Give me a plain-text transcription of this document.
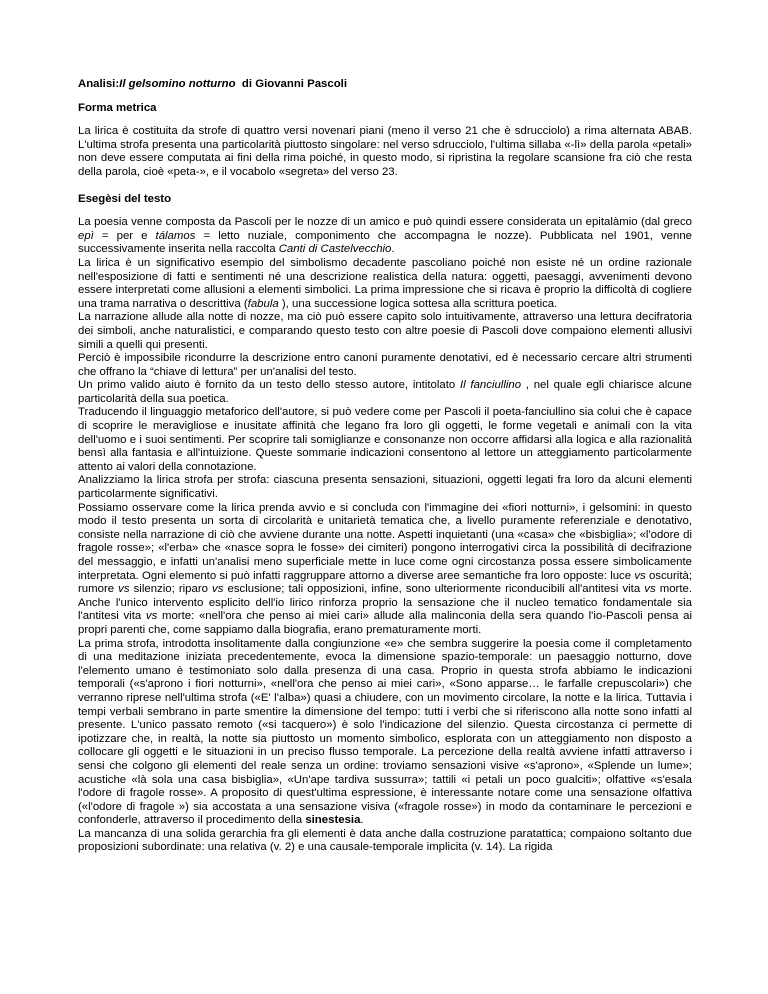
Analisi:Il gelsomino notturno  di Giovanni Pascoli
Forma metrica

La lirica è costituita da strofe di quattro versi novenari piani (meno il verso 21 che è sdrucciolo) a rima alternata ABAB. L'ultima strofa presenta una particolarità piuttosto singolare: nel verso sdrucciolo, l'ultima sillaba «-lì» della parola «petali» non deve essere computata ai fini della rima poiché, in questo modo, si ripristina la regolare scansione fra ciò che resta della parola, cioè «peta-», e il vocabolo «segreta» del verso 23.

Esegèsi del testo

La poesia venne composta da Pascoli per le nozze di un amico e può quindi essere considerata un epitalàmio (dal greco epì = per e tálamos = letto nuziale, componimento che accompagna le nozze). Pubblicata nel 1901, venne successivamente inserita nella raccolta Canti di Castelvecchio.

La lirica è un significativo esempio del simbolismo decadente pascoliano poiché non esiste né un ordine razionale nell'esposizione di fatti e sentimenti né una descrizione realistica della natura: oggetti, paesaggi, avvenimenti devono essere interpretati come allusioni a elementi simbolici. La prima impressione che si ricava è proprio la difficoltà di cogliere una trama narrativa o descrittiva (fabula ), una successione logica sottesa alla scrittura poetica.

La narrazione allude alla notte di nozze, ma ciò può essere capito solo intuitivamente, attraverso una lettura decifratoria dei simboli, anche naturalistici, e comparando questo testo con altre poesie di Pascoli dove compaiono elementi allusivi simili a quelli qui presenti.

Perciò è impossibile ricondurre la descrizione entro canoni puramente denotativi, ed è necessario cercare altri strumenti che offrano la “chiave di lettura” per un'analisi del testo.

Un primo valido aiuto è fornito da un testo dello stesso autore, intitolato Il fanciullino , nel quale egli chiarisce alcune particolarità della sua poetica.

Traducendo il linguaggio metaforico dell'autore, si può vedere come per Pascoli il poeta-fanciullino sia colui che è capace di scoprire le meravigliose e inusitate affinità che legano fra loro gli oggetti, le forme vegetali e animali con la vita dell'uomo e i suoi sentimenti. Per scoprire tali somiglianze e consonanze non occorre affidarsi alla logica e alla razionalità bensì alla fantasia e all'intuizione. Queste sommarie indicazioni consentono al lettore un atteggiamento particolarmente attento ai valori della connotazione.

Analizziamo la lirica strofa per strofa: ciascuna presenta sensazioni, situazioni, oggetti legati fra loro da alcuni elementi particolarmente significativi.

Possiamo osservare come la lirica prenda avvio e si concluda con l'immagine dei «fiori notturni», i gelsomini: in questo modo il testo presenta un sorta di circolarità e unitarietà tematica che, a livello puramente referenziale e denotativo, consiste nella narrazione di ciò che avviene durante una notte. Aspetti inquietanti (una «casa» che «bisbiglia»; «l'odore di fragole rosse»; «l'erba» che «nasce sopra le fosse» dei cimiteri) pongono interrogativi circa la possibilità di decifrazione del messaggio, e infatti un'analisi meno superficiale mette in luce come ogni circostanza possa essere simbolicamente interpretata. Ogni elemento si può infatti raggruppare attorno a diverse aree semantiche fra loro opposte: luce vs oscurità; rumore vs silenzio; riparo vs esclusione; tali opposizioni, infine, sono ulteriormente riconducibili all'antitesi vita vs morte. Anche l'unico intervento esplicito dell'io lirico rinforza proprio la sensazione che il nucleo tematico fondamentale sia l'antitesi vita vs morte: «nell'ora che penso ai miei cari» allude alla malinconia della sera quando l'io-Pascoli pensa ai propri parenti che, come sappiamo dalla biografia, erano prematuramente morti.

La prima strofa, introdotta insolitamente dalla congiunzione «e» che sembra suggerire la poesia come il completamento di una meditazione iniziata precedentemente, evoca la dimensione spazio-temporale: un paesaggio notturno, dove l'elemento umano è testimoniato solo dalla presenza di una casa. Proprio in questa strofa abbiamo le indicazioni temporali («s'aprono i fiori notturni», «nell'ora che penso ai miei cari», «Sono apparse… le farfalle crepuscolari») che verranno riprese nell'ultima strofa («E' l'alba») quasi a chiudere, con un movimento circolare, la notte e la lirica. Tuttavia i tempi verbali sembrano in parte smentire la dimensione del tempo: tutti i verbi che si riferiscono alla notte sono infatti al presente. L'unico passato remoto («si tacquero») è solo l'indicazione del silenzio. Questa circostanza ci permette di ipotizzare che, in realtà, la notte sia piuttosto un momento simbolico, esplorata con un atteggiamento non disposto a collocare gli oggetti e le situazioni in un preciso flusso temporale. La percezione della realtà avviene infatti attraverso i sensi che colgono gli elementi del reale senza un ordine: troviamo sensazioni visive «s'aprono», «Splende un lume»; acustiche «là sola una casa bisbiglia», «Un'ape tardiva sussurra»; tattili «i petali un poco gualciti»; olfattive «s'esala l'odore di fragole rosse». A proposito di quest'ultima espressione, è interessante notare come una sensazione olfattiva («l'odore di fragole ») sia accostata a una sensazione visiva («fragole rosse») in modo da contaminare le percezioni e confonderle, attraverso il procedimento della sinestesia.

La mancanza di una solida gerarchia fra gli elementi è data anche dalla costruzione paratattica; compaiono soltanto due proposizioni subordinate: una relativa (v. 2) e una causale-temporale implicita (v. 14). La rigida
